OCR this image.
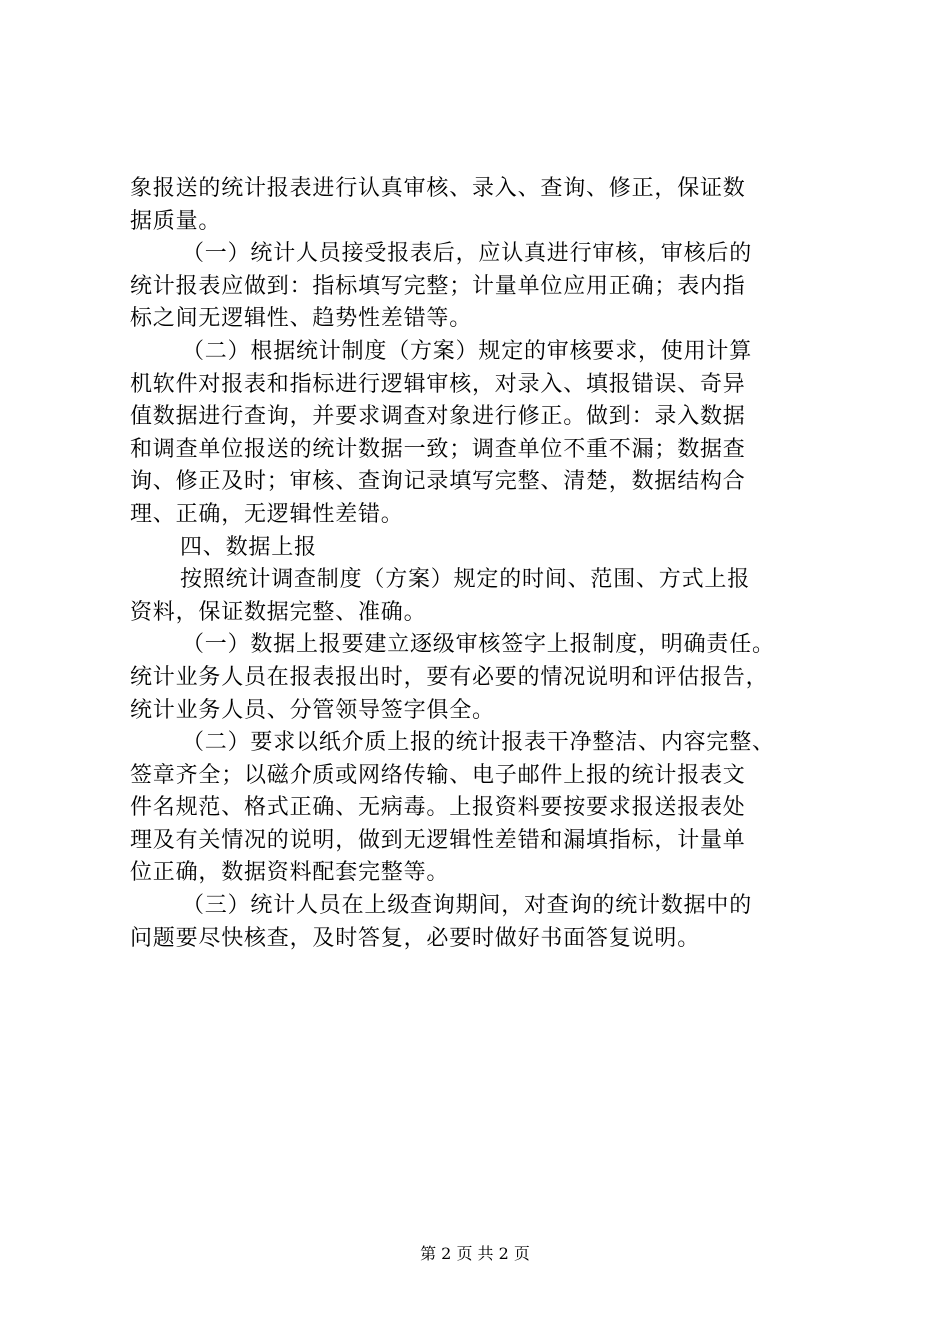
象报送的统计报表进行认真审核、录入、查询、修正，保证数
据质量。
（一）统计人员接受报表后，应认真进行审核，审核后的
统计报表应做到：指标填写完整；计量单位应用正确；表内指
标之间无逻辑性、趋势性差错等。
（二）根据统计制度（方案）规定的审核要求，使用计算
机软件对报表和指标进行逻辑审核，对录入、填报错误、奇异
值数据进行查询，并要求调查对象进行修正。做到：录入数据
和调查单位报送的统计数据一致；调查单位不重不漏；数据查
询、修正及时；审核、查询记录填写完整、清楚，数据结构合
理、正确，无逻辑性差错。
四、数据上报
按照统计调查制度（方案）规定的时间、范围、方式上报
资料，保证数据完整、准确。
（一）数据上报要建立逐级审核签字上报制度，明确责任。
统计业务人员在报表报出时，要有必要的情况说明和评估报告，
统计业务人员、分管领导签字俱全。
（二）要求以纸介质上报的统计报表干净整洁、内容完整、
签章齐全；以磁介质或网络传输、电子邮件上报的统计报表文
件名规范、格式正确、无病毒。上报资料要按要求报送报表处
理及有关情况的说明，做到无逻辑性差错和漏填指标，计量单
位正确，数据资料配套完整等。
（三）统计人员在上级查询期间，对查询的统计数据中的
问题要尽快核查，及时答复，必要时做好书面答复说明。
第 2 页 共 2 页
